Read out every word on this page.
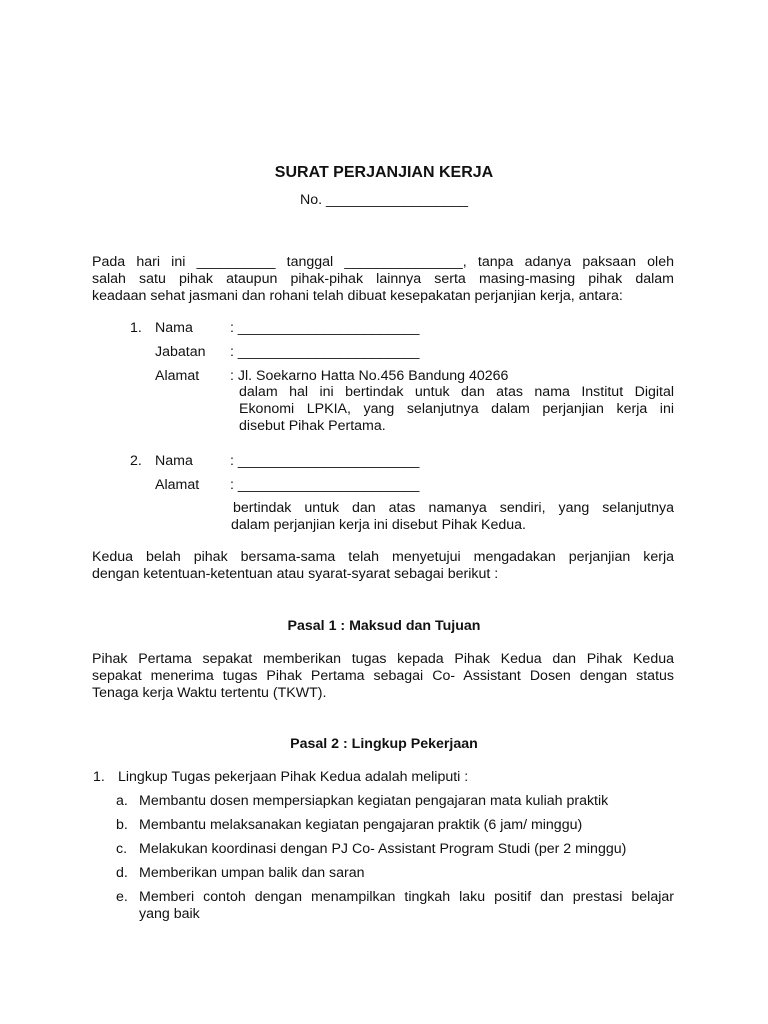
SURAT PERJANJIAN KERJA
No. __________________
Pada hari ini __________ tanggal _______________, tanpa adanya paksaan oleh
salah satu pihak ataupun pihak-pihak lainnya serta masing-masing pihak dalam
keadaan sehat jasmani dan rohani telah dibuat kesepakatan perjanjian kerja, antara:
1. Nama	: _______________________
Jabatan : _______________________
Alamat : Jl. Soekarno Hatta No.456 Bandung 40266
dalam hal ini bertindak untuk dan atas nama Institut Digital
Ekonomi LPKIA, yang selanjutnya dalam perjanjian kerja ini
disebut Pihak Pertama.
2. Nama	: _______________________
Alamat : _______________________
bertindak untuk dan atas namanya sendiri, yang selanjutnya
dalam perjanjian kerja ini disebut Pihak Kedua.
Kedua belah pihak bersama-sama telah menyetujui mengadakan perjanjian kerja
dengan ketentuan-ketentuan atau syarat-syarat sebagai berikut :
Pasal 1 : Maksud dan Tujuan
Pihak Pertama sepakat memberikan tugas kepada Pihak Kedua dan Pihak Kedua
sepakat menerima tugas Pihak Pertama sebagai Co- Assistant Dosen dengan status
Tenaga kerja Waktu tertentu (TKWT).
Pasal 2 : Lingkup Pekerjaan
1. Lingkup Tugas pekerjaan Pihak Kedua adalah meliputi :
a. Membantu dosen mempersiapkan kegiatan pengajaran mata kuliah praktik
b. Membantu melaksanakan kegiatan pengajaran praktik (6 jam/ minggu)
c. Melakukan koordinasi dengan PJ Co- Assistant Program Studi (per 2 minggu)
d. Memberikan umpan balik dan saran
e. Memberi contoh dengan menampilkan tingkah laku positif dan prestasi belajar
yang baik
